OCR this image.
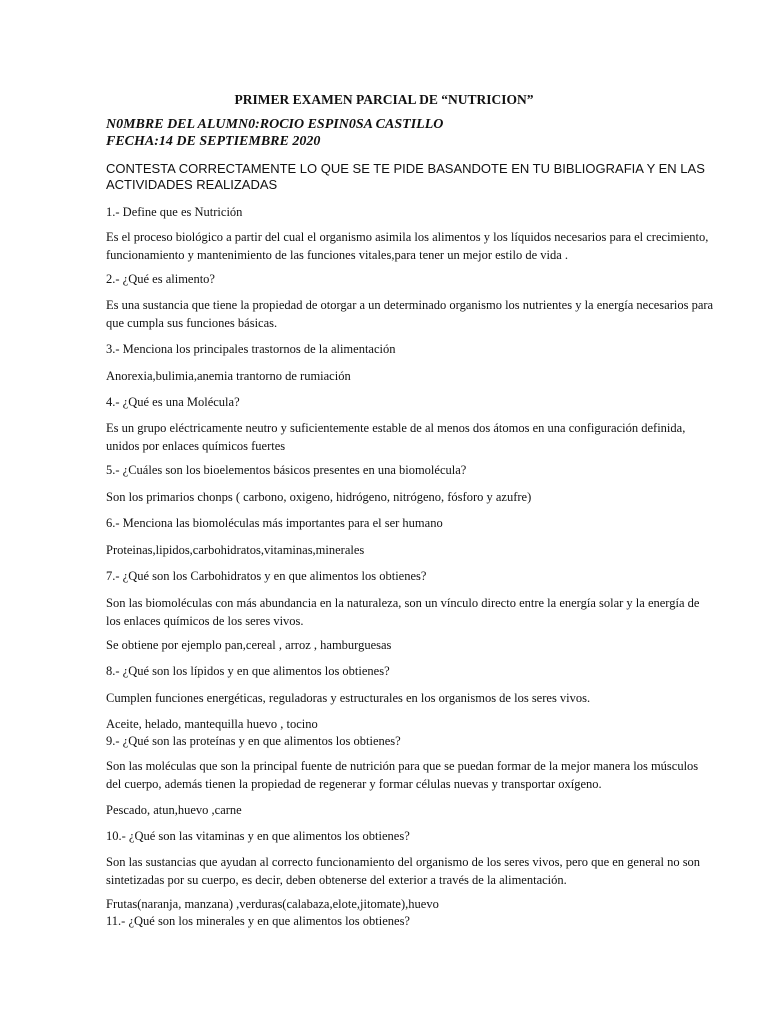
PRIMER EXAMEN PARCIAL DE “NUTRICION”

N0MBRE DEL ALUMN0:ROCIO ESPIN0SA CASTILLO

FECHA:14 DE SEPTIEMBRE 2020

CONTESTA CORRECTAMENTE LO QUE SE TE PIDE BASANDOTE EN TU BIBLIOGRAFIA Y EN LAS ACTIVIDADES REALIZADAS

1.- Define que es Nutrición

Es el proceso biológico a partir del cual el organismo asimila los alimentos y los líquidos necesarios para el crecimiento, funcionamiento y mantenimiento de las funciones vitales,para tener un mejor estilo de vida .

2.- ¿Qué es alimento?

Es una sustancia que tiene la propiedad de otorgar a un determinado organismo los nutrientes y la energía necesarios para que cumpla sus funciones básicas.

3.- Menciona los principales trastornos de la alimentación

Anorexia,bulimia,anemia trantorno de rumiación

4.- ¿Qué es una Molécula?

Es un grupo eléctricamente neutro y suficientemente estable de al menos dos átomos en una configuración definida, unidos por enlaces químicos fuertes

5.- ¿Cuáles son los bioelementos básicos presentes en una biomolécula?

Son los primarios chonps ( carbono, oxigeno, hidrógeno, nitrógeno, fósforo y azufre)

6.- Menciona las biomoléculas más importantes para el ser humano

Proteinas,lipidos,carbohidratos,vitaminas,minerales

7.- ¿Qué son los Carbohidratos y en que alimentos los obtienes?

Son las biomoléculas con más abundancia en la naturaleza, son un vínculo directo entre la energía solar y la energía de los enlaces químicos de los seres vivos.

Se obtiene por ejemplo pan,cereal , arroz , hamburguesas

8.- ¿Qué son los lípidos y en que alimentos los obtienes?

Cumplen funciones energéticas, reguladoras y estructurales en los organismos de los seres vivos.

Aceite, helado, mantequilla huevo , tocino

9.- ¿Qué son las proteínas y en que alimentos los obtienes?

Son las moléculas que son la principal fuente de nutrición para que se puedan formar de la mejor manera los músculos del cuerpo, además tienen la propiedad de regenerar y formar células nuevas y transportar oxígeno.

Pescado, atun,huevo ,carne

10.- ¿Qué son las vitaminas y en que alimentos los obtienes?

Son las sustancias que ayudan al correcto funcionamiento del organismo de los seres vivos, pero que en general no son sintetizadas por su cuerpo, es decir, deben obtenerse del exterior a través de la alimentación.

Frutas(naranja, manzana) ,verduras(calabaza,elote,jitomate),huevo

11.- ¿Qué son los minerales y en que alimentos los obtienes?
